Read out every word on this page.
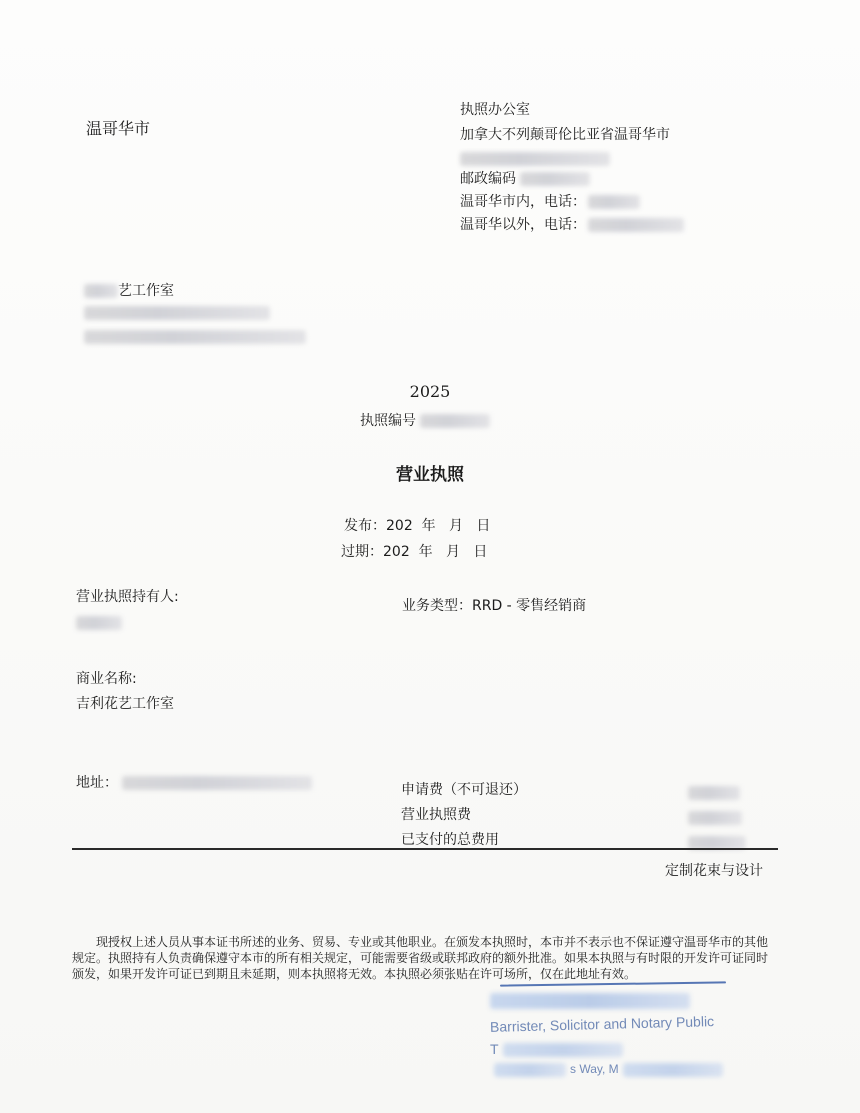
温哥华市
执照办公室
加拿大不列颠哥伦比亚省温哥华市
邮政编码
温哥华市内，电话：
温哥华以外，电话：
艺工作室
2025
执照编号
营业执照
发布：202  年   月   日
过期：202  年   月   日
营业执照持有人:
业务类型：RRD - 零售经销商
商业名称:
吉利花艺工作室
地址：	申请费（不可退还）
营业执照费
已支付的总费用
定制花束与设计
现授权上述人员从事本证书所述的业务、贸易、专业或其他职业。在颁发本执照时，本市并不表示也不保证遵守温哥华市的其他规定。执照持有人负责确保遵守本市的所有相关规定，可能需要省级或联邦政府的额外批准。如果本执照与有时限的开发许可证同时颁发，如果开发许可证已到期且未延期，则本执照将无效。本执照必须张贴在许可场所，仅在此地址有效。
Barrister, Solicitor and Notary Public
T
s Way, M
